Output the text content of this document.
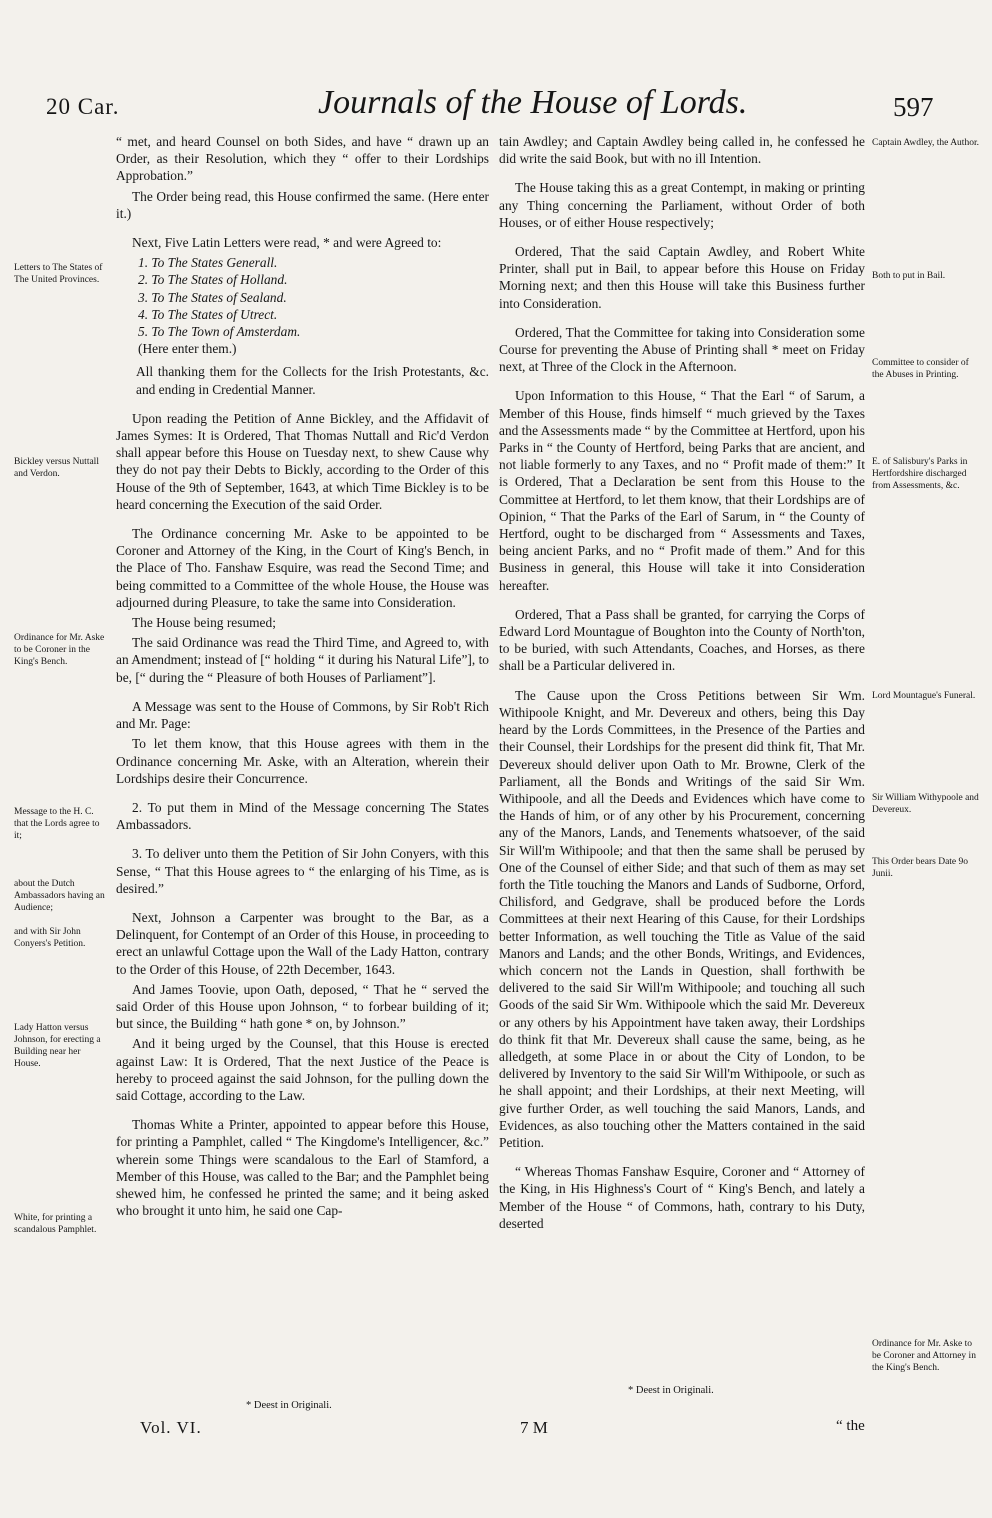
20 Car.	Journals of the House of Lords.	597
Letters to The States of The United Provinces.
Bickley versus Nuttall and Verdon.
Ordinance for Mr. Aske to be Coroner in the King's Bench.
Message to the H. C. that the Lords agree to it;
about the Dutch Ambassadors having an Audience;
and with Sir John Conyers's Petition.
Lady Hatton versus Johnson, for erecting a Building near her House.
White, for printing a scandalous Pamphlet.

“ met, and heard Counsel on both Sides, and have “ drawn up an Order, as their Resolution, which they “ offer to their Lordships Approbation.”

The Order being read, this House confirmed the same. (Here enter it.)

Next, Five Latin Letters were read, * and were Agreed to:

1. To The States Generall.
2. To The States of Holland.
3. To The States of Sealand.
4. To The States of Utrect.
5. To The Town of Amsterdam.
(Here enter them.)
All thanking them for the Collects for the Irish Protestants, &c. and ending in Credential Manner.

Upon reading the Petition of Anne Bickley, and the Affidavit of James Symes: It is Ordered, That Thomas Nuttall and Ric'd Verdon shall appear before this House on Tuesday next, to shew Cause why they do not pay their Debts to Bickly, according to the Order of this House of the 9th of September, 1643, at which Time Bickley is to be heard concerning the Execution of the said Order.

The Ordinance concerning Mr. Aske to be appointed to be Coroner and Attorney of the King, in the Court of King's Bench, in the Place of Tho. Fanshaw Esquire, was read the Second Time; and being committed to a Committee of the whole House, the House was adjourned during Pleasure, to take the same into Consideration.

The House being resumed;

The said Ordinance was read the Third Time, and Agreed to, with an Amendment; instead of [“ holding “ it during his Natural Life”], to be, [“ during the “ Pleasure of both Houses of Parliament”].

A Message was sent to the House of Commons, by Sir Rob't Rich and Mr. Page:

To let them know, that this House agrees with them in the Ordinance concerning Mr. Aske, with an Alteration, wherein their Lordships desire their Concurrence.

2. To put them in Mind of the Message concerning The States Ambassadors.

3. To deliver unto them the Petition of Sir John Conyers, with this Sense, “ That this House agrees to “ the enlarging of his Time, as is desired.”

Next, Johnson a Carpenter was brought to the Bar, as a Delinquent, for Contempt of an Order of this House, in proceeding to erect an unlawful Cottage upon the Wall of the Lady Hatton, contrary to the Order of this House, of 22th December, 1643.

And James Toovie, upon Oath, deposed, “ That he “ served the said Order of this House upon Johnson, “ to forbear building of it; but since, the Building “ hath gone * on, by Johnson.”

And it being urged by the Counsel, that this House is erected against Law: It is Ordered, That the next Justice of the Peace is hereby to proceed against the said Johnson, for the pulling down the said Cottage, according to the Law.

Thomas White a Printer, appointed to appear before this House, for printing a Pamphlet, called “ The Kingdome's Intelligencer, &c.” wherein some Things were scandalous to the Earl of Stamford, a Member of this House, was called to the Bar; and the Pamphlet being shewed him, he confessed he printed the same; and it being asked who brought it unto him, he said one Cap-

tain Awdley; and Captain Awdley being called in, he confessed he did write the said Book, but with no ill Intention.

The House taking this as a great Contempt, in making or printing any Thing concerning the Parliament, without Order of both Houses, or of either House respectively;

Ordered, That the said Captain Awdley, and Robert White Printer, shall put in Bail, to appear before this House on Friday Morning next; and then this House will take this Business further into Consideration.

Ordered, That the Committee for taking into Consideration some Course for preventing the Abuse of Printing shall * meet on Friday next, at Three of the Clock in the Afternoon.

Upon Information to this House, “ That the Earl “ of Sarum, a Member of this House, finds himself “ much grieved by the Taxes and the Assessments made “ by the Committee at Hertford, upon his Parks in “ the County of Hertford, being Parks that are ancient, and not liable formerly to any Taxes, and no “ Profit made of them:” It is Ordered, That a Declaration be sent from this House to the Committee at Hertford, to let them know, that their Lordships are of Opinion, “ That the Parks of the Earl of Sarum, in “ the County of Hertford, ought to be discharged from “ Assessments and Taxes, being ancient Parks, and no “ Profit made of them.” And for this Business in general, this House will take it into Consideration hereafter.

Ordered, That a Pass shall be granted, for carrying the Corps of Edward Lord Mountague of Boughton into the County of North'ton, to be buried, with such Attendants, Coaches, and Horses, as there shall be a Particular delivered in.

The Cause upon the Cross Petitions between Sir Wm. Withipoole Knight, and Mr. Devereux and others, being this Day heard by the Lords Committees, in the Presence of the Parties and their Counsel, their Lordships for the present did think fit, That Mr. Devereux should deliver upon Oath to Mr. Browne, Clerk of the Parliament, all the Bonds and Writings of the said Sir Wm. Withipoole, and all the Deeds and Evidences which have come to the Hands of him, or of any other by his Procurement, concerning any of the Manors, Lands, and Tenements whatsoever, of the said Sir Will'm Withipoole; and that then the same shall be perused by One of the Counsel of either Side; and that such of them as may set forth the Title touching the Manors and Lands of Sudborne, Orford, Chilisford, and Gedgrave, shall be produced before the Lords Committees at their next Hearing of this Cause, for their Lordships better Information, as well touching the Title as Value of the said Manors and Lands; and the other Bonds, Writings, and Evidences, which concern not the Lands in Question, shall forthwith be delivered to the said Sir Will'm Withipoole; and touching all such Goods of the said Sir Wm. Withipoole which the said Mr. Devereux or any others by his Appointment have taken away, their Lordships do think fit that Mr. Devereux shall cause the same, being, as he alledgeth, at some Place in or about the City of London, to be delivered by Inventory to the said Sir Will'm Withipoole, or such as he shall appoint; and their Lordships, at their next Meeting, will give further Order, as well touching the said Manors, Lands, and Evidences, as also touching other the Matters contained in the said Petition.

“ Whereas Thomas Fanshaw Esquire, Coroner and “ Attorney of the King, in His Highness's Court of “ King's Bench, and lately a Member of the House “ of Commons, hath, contrary to his Duty, deserted

Captain Awdley, the Author.
Both to put in Bail.
Committee to consider of the Abuses in Printing.
E. of Salisbury's Parks in Hertfordshire discharged from Assessments, &c.
Lord Mountague's Funeral.
Sir William Withypoole and Devereux.
This Order bears Date 9o Junii.
Ordinance for Mr. Aske to be Coroner and Attorney in the King's Bench.
* Deest in Originali.
* Deest in Originali.
Vol. VI.	7 M	“ the
